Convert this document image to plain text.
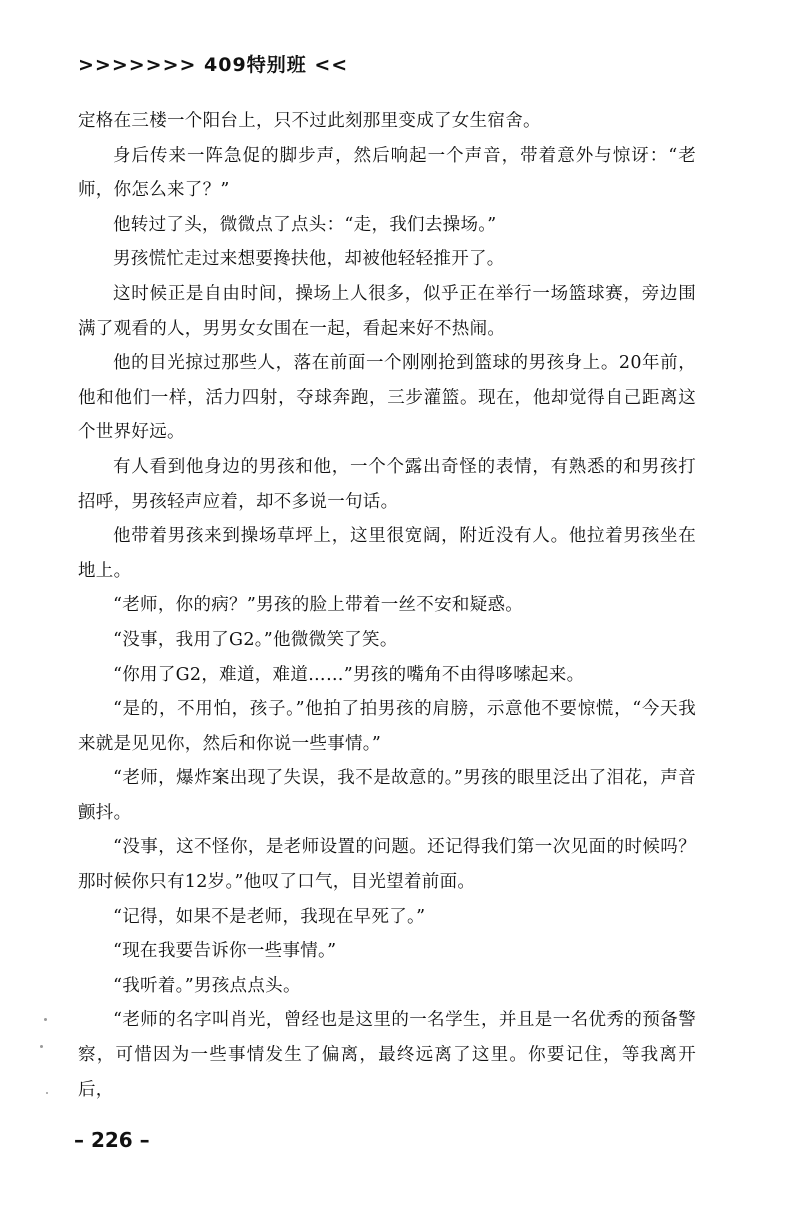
>>>>>>> 409特别班 <<

定格在三楼一个阳台上，只不过此刻那里变成了女生宿舍。

身后传来一阵急促的脚步声，然后响起一个声音，带着意外与惊讶：“老师，你怎么来了？”

他转过了头，微微点了点头：“走，我们去操场。”

男孩慌忙走过来想要搀扶他，却被他轻轻推开了。

这时候正是自由时间，操场上人很多，似乎正在举行一场篮球赛，旁边围满了观看的人，男男女女围在一起，看起来好不热闹。

他的目光掠过那些人，落在前面一个刚刚抢到篮球的男孩身上。20年前，他和他们一样，活力四射，夺球奔跑，三步灌篮。现在，他却觉得自己距离这个世界好远。

有人看到他身边的男孩和他，一个个露出奇怪的表情，有熟悉的和男孩打招呼，男孩轻声应着，却不多说一句话。

他带着男孩来到操场草坪上，这里很宽阔，附近没有人。他拉着男孩坐在地上。

“老师，你的病？”男孩的脸上带着一丝不安和疑惑。

“没事，我用了G2。”他微微笑了笑。

“你用了G2，难道，难道……”男孩的嘴角不由得哆嗦起来。

“是的，不用怕，孩子。”他拍了拍男孩的肩膀，示意他不要惊慌，“今天我来就是见见你，然后和你说一些事情。”

“老师，爆炸案出现了失误，我不是故意的。”男孩的眼里泛出了泪花，声音颤抖。

“没事，这不怪你，是老师设置的问题。还记得我们第一次见面的时候吗？那时候你只有12岁。”他叹了口气，目光望着前面。

“记得，如果不是老师，我现在早死了。”

“现在我要告诉你一些事情。”

“我听着。”男孩点点头。

“老师的名字叫肖光，曾经也是这里的一名学生，并且是一名优秀的预备警察，可惜因为一些事情发生了偏离，最终远离了这里。你要记住，等我离开后，

– 226 –
